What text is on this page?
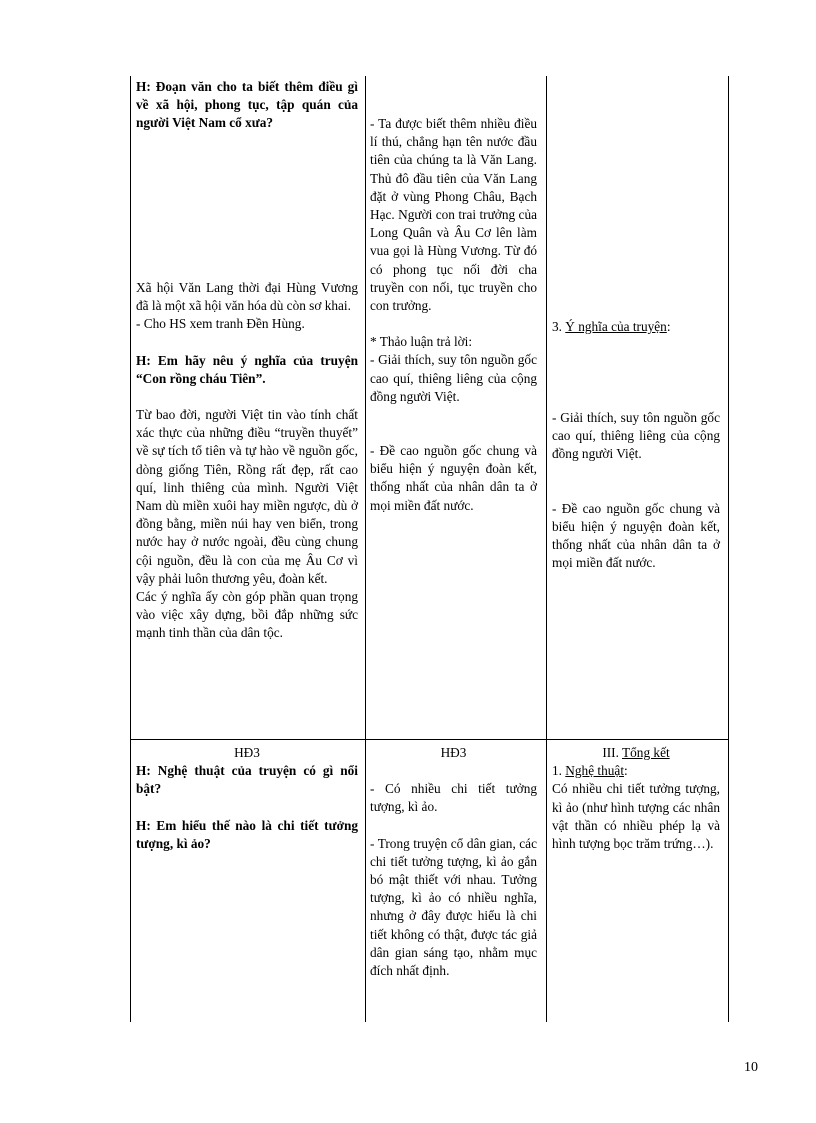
H: Đoạn văn cho ta biết thêm điều gì về xã hội, phong tục, tập quán của người Việt Nam cổ xưa?

Xã hội Văn Lang thời đại Hùng Vương đã là một xã hội văn hóa dù còn sơ khai.

- Cho HS xem tranh Đền Hùng.

H: Em hãy nêu ý nghĩa của truyện “Con rồng cháu Tiên”.

Từ bao đời, người Việt tin vào tính chất xác thực của những điều “truyền thuyết” về sự tích tổ tiên và tự hào về nguồn gốc, dòng giống Tiên, Rồng rất đẹp, rất cao quí, linh thiêng của mình. Người Việt Nam dù miền xuôi hay miền ngược, dù ở đồng bằng, miền núi hay ven biển, trong nước hay ở nước ngoài, đều cùng chung cội nguồn, đều là con của mẹ Âu Cơ vì vậy phải luôn thương yêu, đoàn kết.

Các ý nghĩa ấy còn góp phần quan trọng vào việc xây dựng, bồi đắp những sức mạnh tinh thần của dân tộc.

- Ta được biết thêm nhiều điều lí thú, chẳng hạn tên nước đầu tiên của chúng ta là Văn Lang. Thủ đô đầu tiên của Văn Lang đặt ở vùng Phong Châu, Bạch Hạc. Người con trai trưởng của Long Quân và Âu Cơ lên làm vua gọi là Hùng Vương. Từ đó có phong tục nối đời cha truyền con nối, tục truyền cho con trưởng.

* Thảo luận trả lời:

- Giải thích, suy tôn nguồn gốc cao quí, thiêng liêng của cộng đồng người Việt.

- Đề cao nguồn gốc chung và biểu hiện ý nguyện đoàn kết, thống nhất của nhân dân ta ở mọi miền đất nước.

3. Ý nghĩa của truyện:

- Giải thích, suy tôn nguồn gốc cao quí, thiêng liêng của cộng đồng người Việt.

- Đề cao nguồn gốc chung và biểu hiện ý nguyện đoàn kết, thống nhất của nhân dân ta ở mọi miền đất nước.

HĐ3

H: Nghệ thuật của truyện có gì nổi bật?

H: Em hiểu thế nào là chi tiết tưởng tượng, kì ảo?

HĐ3

- Có nhiều chi tiết tưởng tượng, kì ảo.

- Trong truyện cổ dân gian, các chi tiết tưởng tượng, kì ảo gắn bó mật thiết với nhau. Tưởng tượng, kì ảo có nhiều nghĩa, nhưng ở đây được hiểu là chi tiết không có thật, được tác giả dân gian sáng tạo, nhằm mục đích nhất định.

III. Tổng kết

1. Nghệ thuật:

Có nhiều chi tiết tưởng tượng, kì ảo (như hình tượng các nhân vật thần có nhiều phép lạ và hình tượng bọc trăm trứng…).

10
